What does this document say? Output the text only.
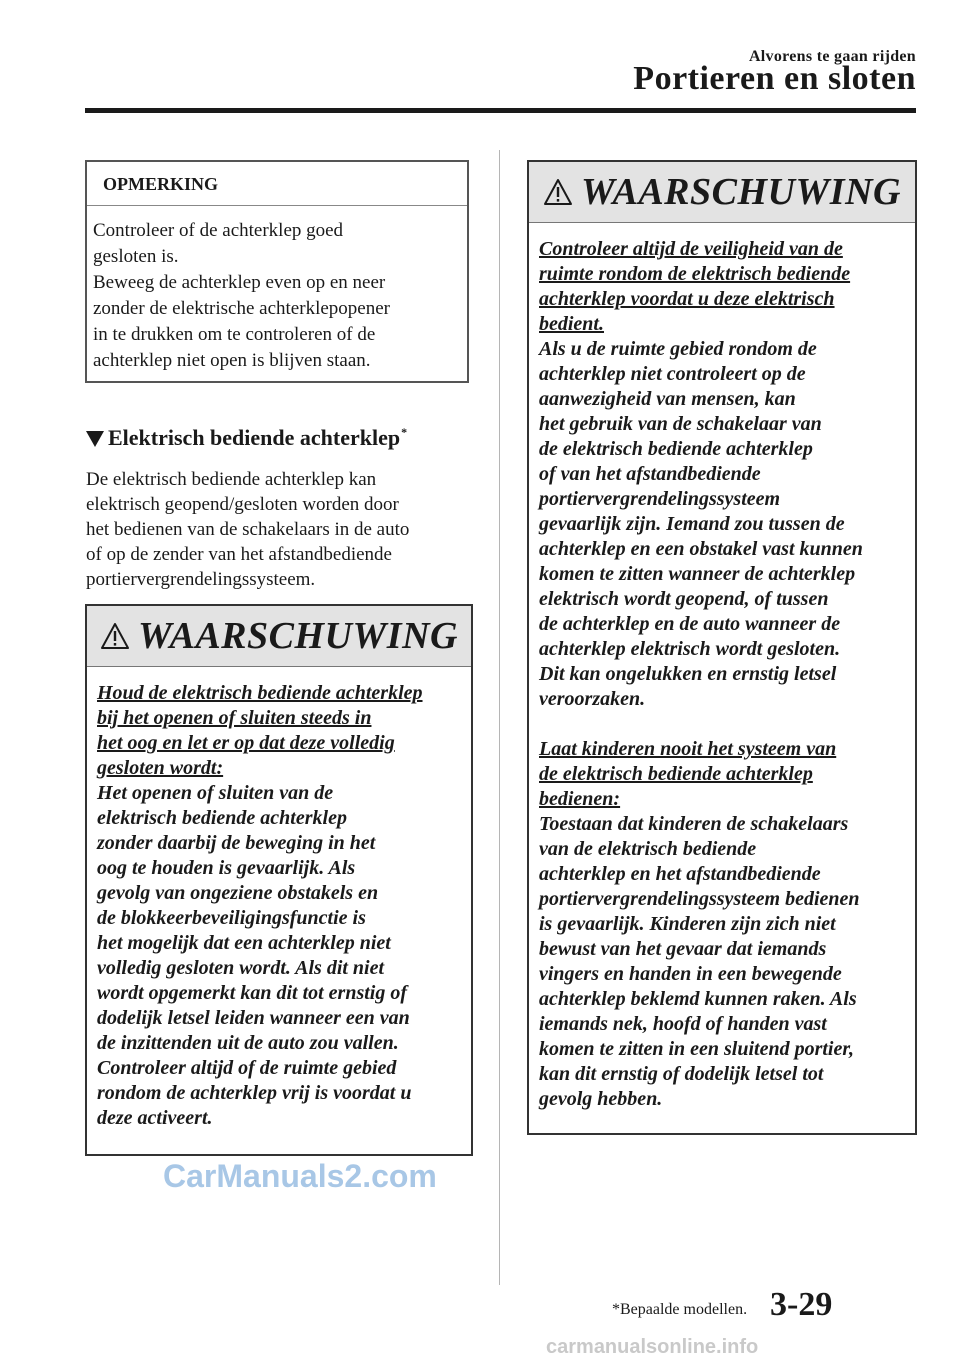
Alvorens te gaan rijden
Portieren en sloten
OPMERKING

Controleer of de achterklep goed

gesloten is.

Beweeg de achterklep even op en neer

zonder de elektrische achterklepopener

in te drukken om te controleren of de

achterklep niet open is blijven staan.

Elektrisch bediende achterklep*

De elektrisch bediende achterklep kan

elektrisch geopend/gesloten worden door

het bedienen van de schakelaars in de auto

of op de zender van het afstandbediende

portiervergrendelingssysteem.

WAARSCHUWING

Houd de elektrisch bediende achterklep

bij het openen of sluiten steeds in

het oog en let er op dat deze volledig

gesloten wordt:

Het openen of sluiten van de

elektrisch bediende achterklep

zonder daarbij de beweging in het

oog te houden is gevaarlijk. Als

gevolg van ongeziene obstakels en

de blokkeerbeveiligingsfunctie is

het mogelijk dat een achterklep niet

volledig gesloten wordt. Als dit niet

wordt opgemerkt kan dit tot ernstig of

dodelijk letsel leiden wanneer een van

de inzittenden uit de auto zou vallen.

Controleer altijd of de ruimte gebied

rondom de achterklep vrij is voordat u

deze activeert.

WAARSCHUWING

Controleer altijd de veiligheid van de

ruimte rondom de elektrisch bediende

achterklep voordat u deze elektrisch

bedient.

Als u de ruimte gebied rondom de

achterklep niet controleert op de

aanwezigheid van mensen, kan

het gebruik van de schakelaar van

de elektrisch bediende achterklep

of van het afstandbediende

portiervergrendelingssysteem

gevaarlijk zijn. Iemand zou tussen de

achterklep en een obstakel vast kunnen

komen te zitten wanneer de achterklep

elektrisch wordt geopend, of tussen

de achterklep en de auto wanneer de

achterklep elektrisch wordt gesloten.

Dit kan ongelukken en ernstig letsel

veroorzaken.

Laat kinderen nooit het systeem van

de elektrisch bediende achterklep

bedienen:

Toestaan dat kinderen de schakelaars

van de elektrisch bediende

achterklep en het afstandbediende

portiervergrendelingssysteem bedienen

is gevaarlijk. Kinderen zijn zich niet

bewust van het gevaar dat iemands

vingers en handen in een bewegende

achterklep beklemd kunnen raken. Als

iemands nek, hoofd of handen vast

komen te zitten in een sluitend portier,

kan dit ernstig of dodelijk letsel tot

gevolg hebben.

CarManuals2.com
*Bepaalde modellen. 3-29
carmanualsonline.info
